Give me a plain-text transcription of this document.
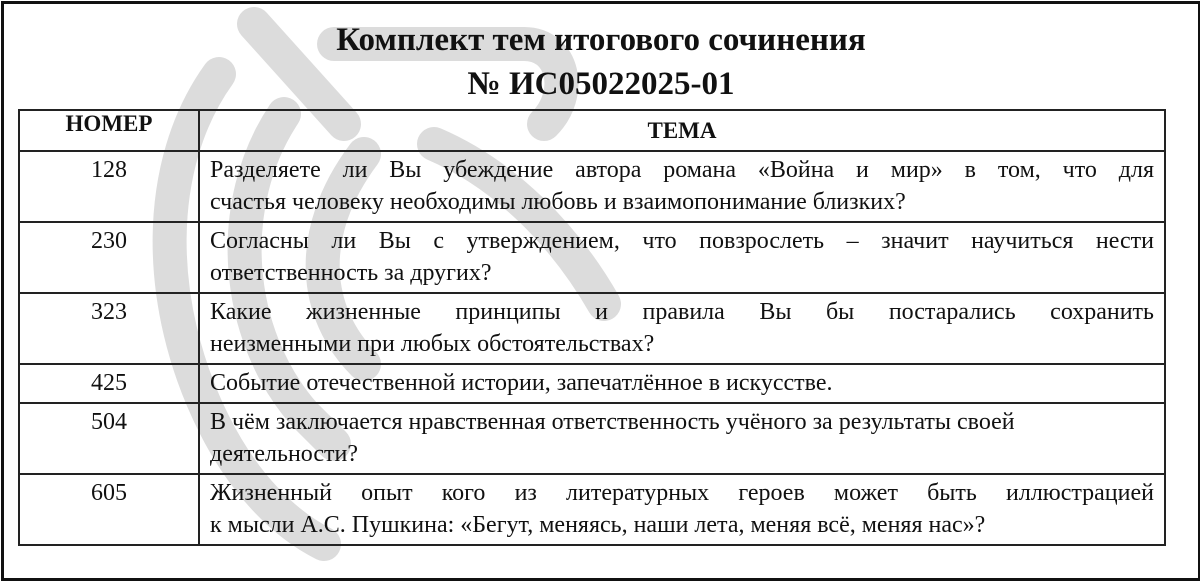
Комплект тем итогового сочинения
№ ИС05022025-01
НОМЕР	ТЕМА
128	Разделяете ли Вы убеждение автора романа «Война и мир» в том, что для
счастья человеку необходимы любовь и взаимопонимание близких?

230	Согласны ли Вы с утверждением, что повзрослеть – значит научиться нести
ответственность за других?

323	Какие жизненные принципы и правила Вы бы постарались сохранить
неизменными при любых обстоятельствах?

425	Событие отечественной истории, запечатлённое в искусстве.

504	В чём заключается нравственная ответственность учёного за результаты своей
деятельности?

605	Жизненный опыт кого из литературных героев может быть иллюстрацией
к мысли А.С. Пушкина: «Бегут, меняясь, наши лета, меняя всё, меняя нас»?
